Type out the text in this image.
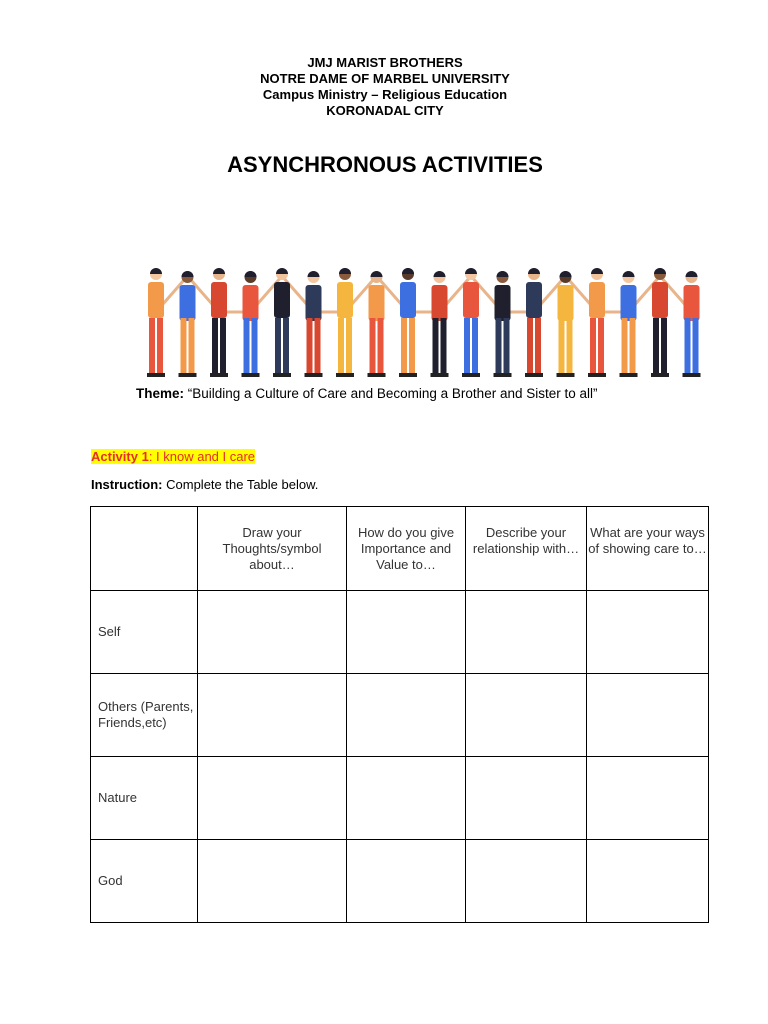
JMJ MARIST BROTHERS
NOTRE DAME OF MARBEL UNIVERSITY
Campus Ministry – Religious Education
KORONADAL CITY
ASYNCHRONOUS ACTIVITIES
Theme: “Building a Culture of Care and Becoming a Brother and Sister to all”
Activity 1: I know and I care
Instruction: Complete the Table below.
	Draw your Thoughts/symbol about…	How do you give Importance and Value to…	Describe your relationship with…	What are your ways of showing care to…
Self				
Others (Parents, Friends,etc)				
Nature				
God				
